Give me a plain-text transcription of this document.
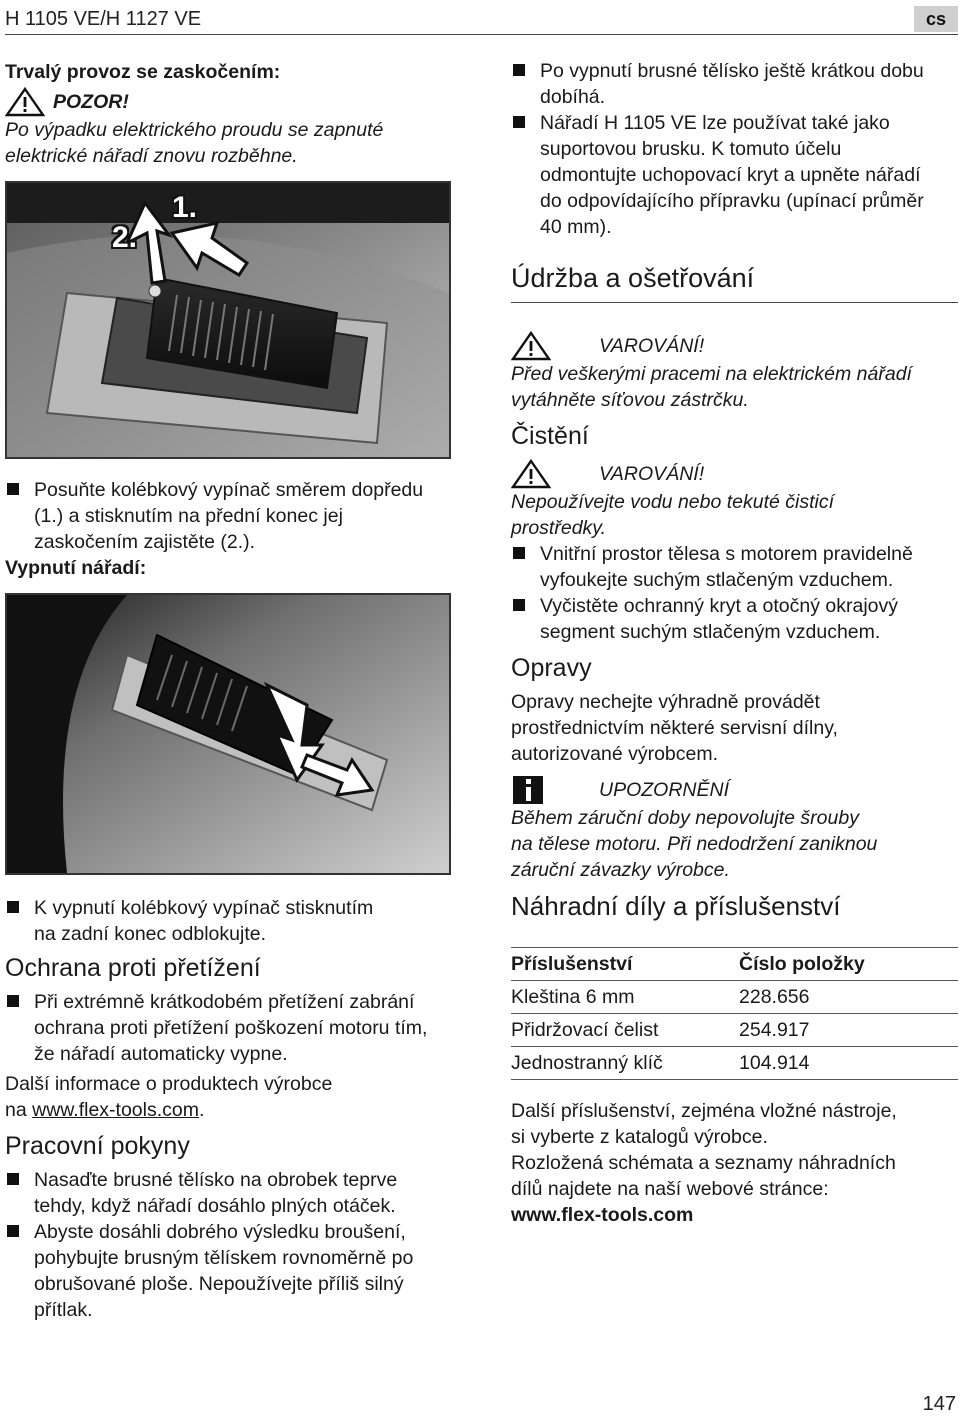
H 1105 VE/H 1127 VE	cs

Trvalý provoz se zaskočením:

POZOR!

Po výpadku elektrického proudu se zapnuté

elektrické nářadí znovu rozběhne.

1.
2.
Posuňte kolébkový vypínač směrem dopředu
(1.) a stisknutím na přední konec jej
zaskočením zajistěte (2.).

Vypnutí nářadí:

K vypnutí kolébkový vypínač stisknutím
na zadní konec odblokujte.
Ochrana proti přetížení
Při extrémně krátkodobém přetížení zabrání
ochrana proti přetížení poškození motoru tím,
že nářadí automaticky vypne.

Další informace o produktech výrobce

na www.flex-tools.com.

Pracovní pokyny
Nasaďte brusné tělísko na obrobek teprve
tehdy, když nářadí dosáhlo plných otáček.
Abyste dosáhli dobrého výsledku broušení,
pohybujte brusným tělískem rovnoměrně po
obrušované ploše. Nepoužívejte příliš silný
přítlak.
Po vypnutí brusné tělísko ještě krátkou dobu
dobíhá.
Nářadí H 1105 VE lze používat také jako
suportovou brusku. K tomuto účelu
odmontujte uchopovací kryt a upněte nářadí
do odpovídajícího přípravku (upínací průměr
40 mm).
Údržba a ošetřování
VAROVÁNÍ!

Před veškerými pracemi na elektrickém nářadí

vytáhněte síťovou zástrčku.

Čistění
VAROVÁNÍ!

Nepoužívejte vodu nebo tekuté čisticí

prostředky.

Vnitřní prostor tělesa s motorem pravidelně
vyfoukejte suchým stlačeným vzduchem.
Vyčistěte ochranný kryt a otočný okrajový
segment suchým stlačeným vzduchem.
Opravy

Opravy nechejte výhradně provádět

prostřednictvím některé servisní dílny,

autorizované výrobcem.

UPOZORNĚNÍ

Během záruční doby nepovolujte šrouby

na tělese motoru. Při nedodržení zaniknou

záruční závazky výrobce.

Náhradní díly a příslušenství
Příslušenství	Číslo položky
Kleština 6 mm	228.656
Přidržovací čelist	254.917
Jednostranný klíč	104.914

Další příslušenství, zejména vložné nástroje,

si vyberte z katalogů výrobce.

Rozložená schémata a seznamy náhradních

dílů najdete na naší webové stránce:

www.flex-tools.com

147
